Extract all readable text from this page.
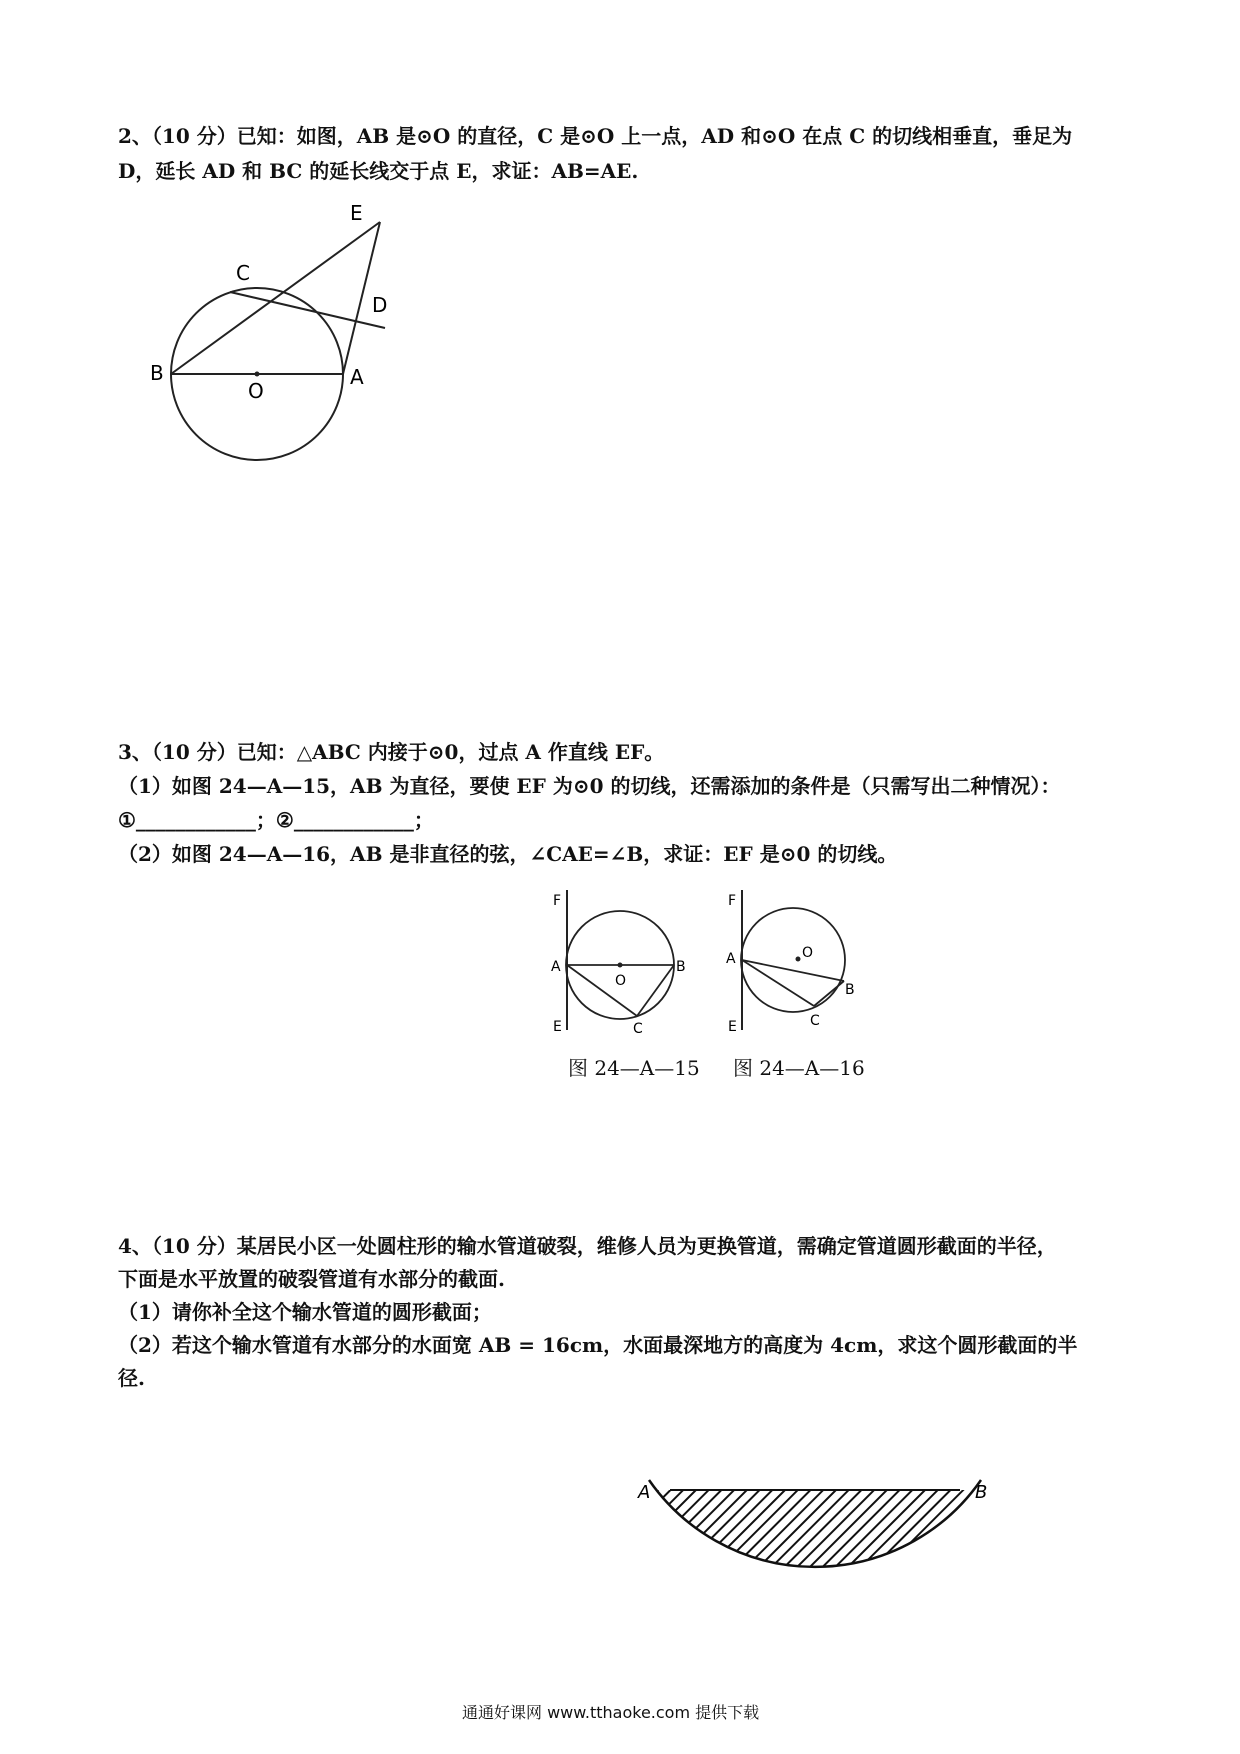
2、（10 分）已知：如图，AB 是⊙O 的直径，C 是⊙O 上一点，AD 和⊙O 在点 C 的切线相垂直，垂足为
D，延长 AD 和 BC 的延长线交于点 E，求证：AB=AE.
E
C
D
B
O
A
3、（10 分）已知：△ABC 内接于⊙0，过点 A 作直线 EF。
（1）如图 24—A—15，AB 为直径，要使 EF 为⊙0 的切线，还需添加的条件是（只需写出二种情况）：
①____________；②____________；
（2）如图 24—A—16，AB 是非直径的弦，∠CAE=∠B，求证：EF 是⊙0 的切线。
F
A
E
B
O
C
图 24—A—15
F
A
E
B
O
C
图 24—A—16
4、（10 分）某居民小区一处圆柱形的输水管道破裂，维修人员为更换管道，需确定管道圆形截面的半径，
下面是水平放置的破裂管道有水部分的截面.
（1）请你补全这个输水管道的圆形截面；
（2）若这个输水管道有水部分的水面宽 AB = 16cm，水面最深地方的高度为 4cm，求这个圆形截面的半
径.
A	B
通通好课网 www.tthaoke.com 提供下载
